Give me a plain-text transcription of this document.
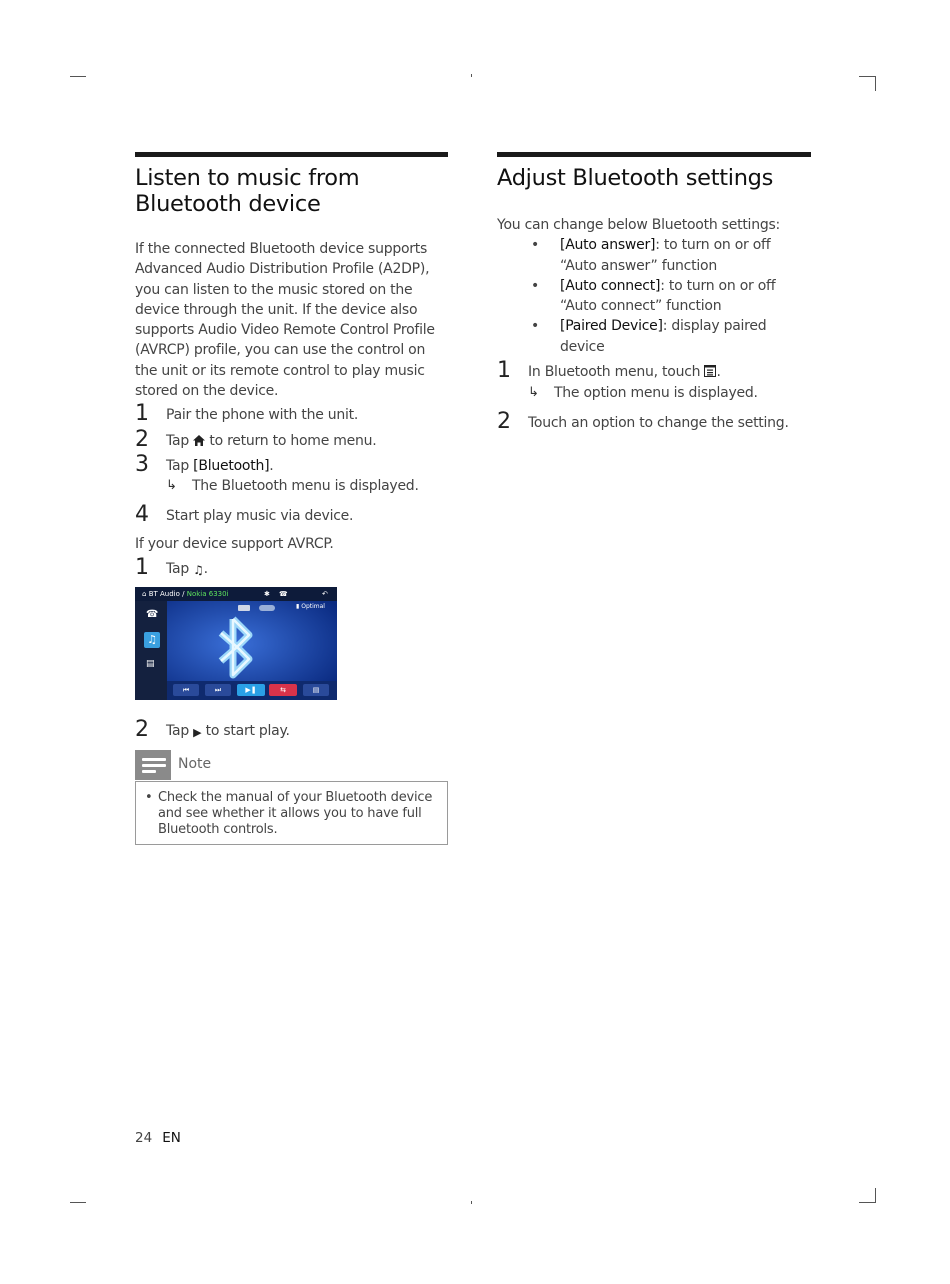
Listen to music from
Bluetooth device
If the connected Bluetooth device supports Advanced Audio Distribution Profile (A2DP), you can listen to the music stored on the device through the unit. If the device also supports Audio Video Remote Control Profile (AVRCP) profile, you can use the control on the unit or its remote control to play music stored on the device.
1 Pair the phone with the unit.
2 Tap  to return to home menu.
3 Tap [Bluetooth].
↳ The Bluetooth menu is displayed.
4 Start play music via device.
If your device support AVRCP.
1 Tap ♫.
⌂ BT Audio / Nokia 6330i	✱ ☎	↶
▮ Optimal
☎
♫
▤
⏮	⏭	▶❚	⇆	▤
2 Tap ▶ to start play.
Note
• Check the manual of your Bluetooth device and see whether it allows you to have full Bluetooth controls.
Adjust Bluetooth settings
You can change below Bluetooth settings:
• [Auto answer]: to turn on or off
“Auto answer” function
• [Auto connect]: to turn on or off
“Auto connect” function
• [Paired Device]: display paired
device
1 In Bluetooth menu, touch .
↳ The option menu is displayed.
2 Touch an option to change the setting.
24 EN
